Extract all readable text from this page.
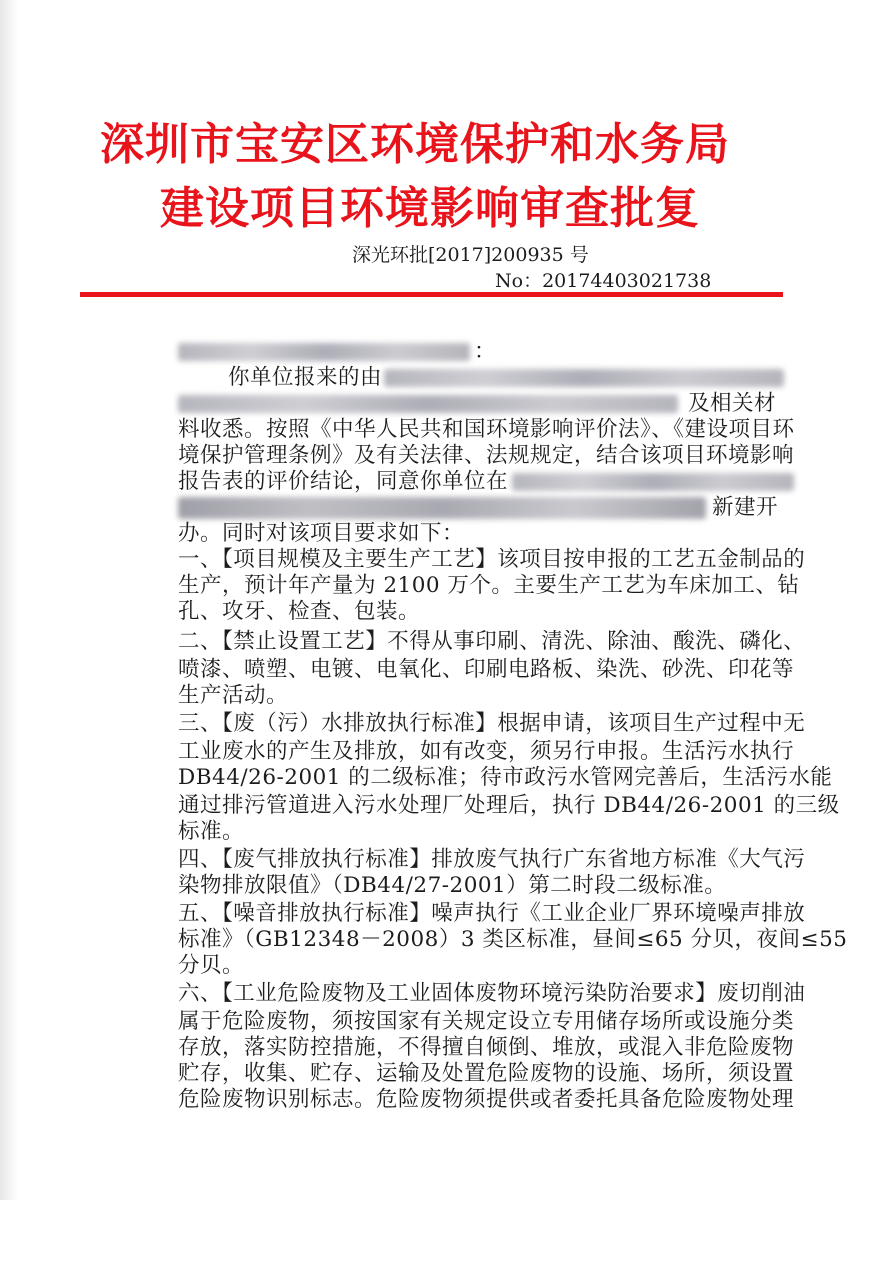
深圳市宝安区环境保护和水务局
建设项目环境影响审查批复
深光环批[2017]200935 号
No：20174403021738
：
你单位报来的由
及相关材
料收悉。按照《中华人民共和国环境影响评价法》、《建设项目环
境保护管理条例》及有关法律、法规规定，结合该项目环境影响
报告表的评价结论，同意你单位在
新建开
办。同时对该项目要求如下：
一、【项目规模及主要生产工艺】该项目按申报的工艺五金制品的
生产，预计年产量为 2100 万个。主要生产工艺为车床加工、钻
孔、攻牙、检查、包装。
二、【禁止设置工艺】不得从事印刷、清洗、除油、酸洗、磷化、
喷漆、喷塑、电镀、电氧化、印刷电路板、染洗、砂洗、印花等
生产活动。
三、【废（污）水排放执行标准】根据申请，该项目生产过程中无
工业废水的产生及排放，如有改变，须另行申报。生活污水执行
DB44/26-2001 的二级标准；待市政污水管网完善后，生活污水能
通过排污管道进入污水处理厂处理后，执行 DB44/26-2001 的三级
标准。
四、【废气排放执行标准】排放废气执行广东省地方标准《大气污
染物排放限值》（DB44/27-2001）第二时段二级标准。
五、【噪音排放执行标准】噪声执行《工业企业厂界环境噪声排放
标准》（GB12348－2008）3 类区标准，昼间≤65 分贝，夜间≤55
分贝。
六、【工业危险废物及工业固体废物环境污染防治要求】废切削油
属于危险废物，须按国家有关规定设立专用储存场所或设施分类
存放，落实防控措施，不得擅自倾倒、堆放，或混入非危险废物
贮存，收集、贮存、运输及处置危险废物的设施、场所，须设置
危险废物识别标志。危险废物须提供或者委托具备危险废物处理
